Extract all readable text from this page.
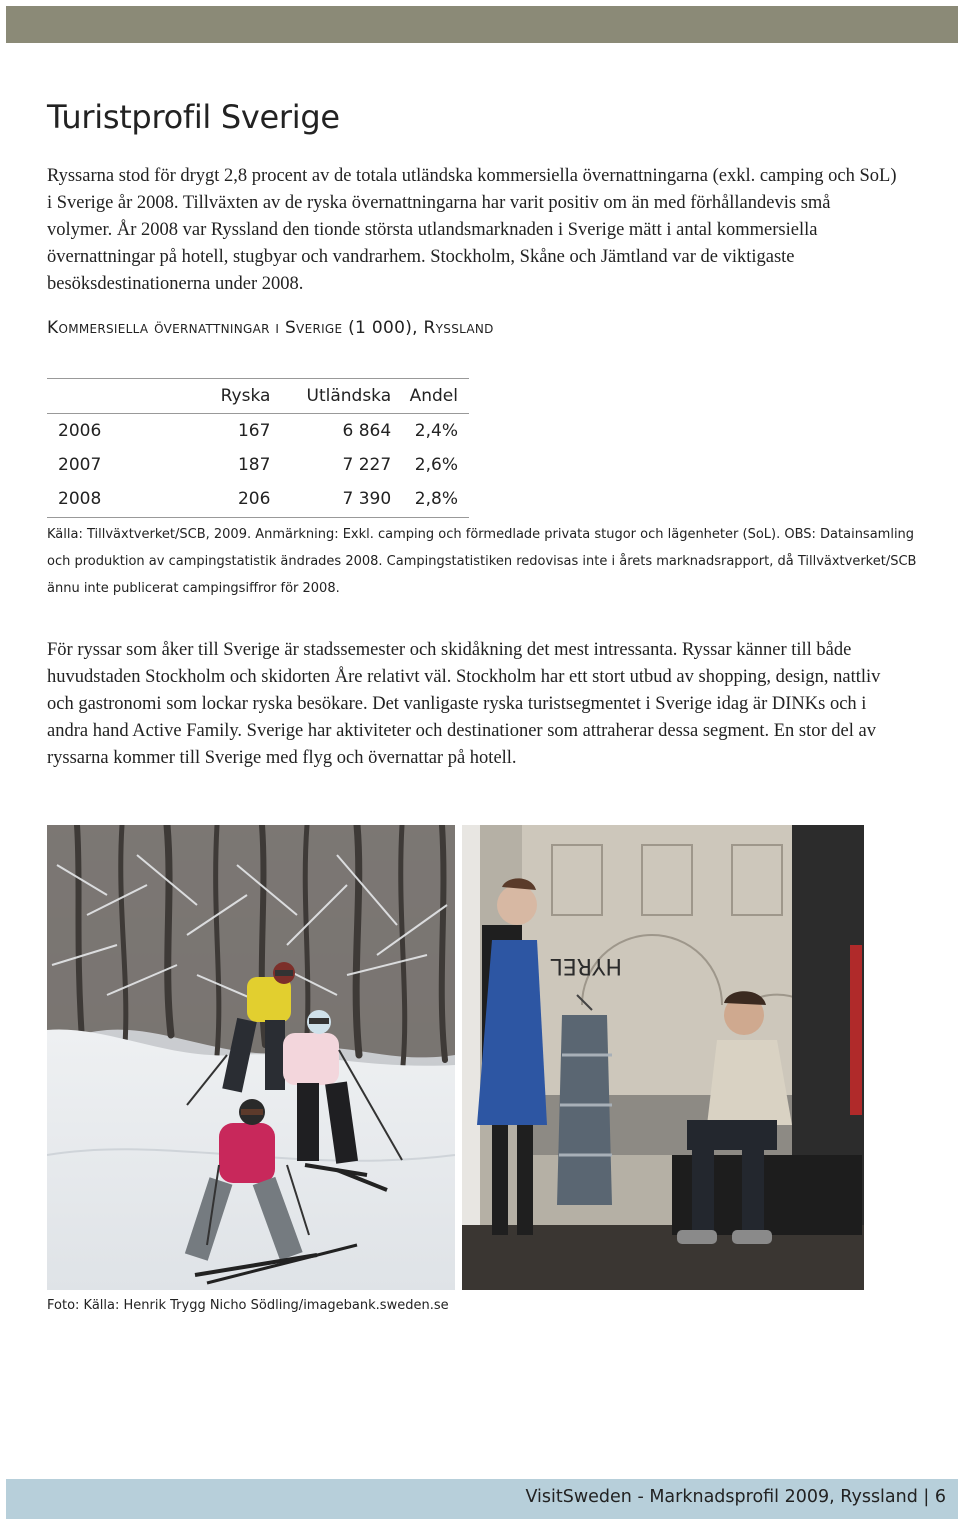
Turistprofil Sverige

Ryssarna stod för drygt 2,8 procent av de totala utländska kommersiella övernattningarna (exkl. camping och SoL) i Sverige år 2008. Tillväxten av de ryska övernattningarna har varit positiv om än med förhållandevis små volymer. År 2008 var Ryssland den tionde största utlandsmarknaden i Sverige mätt i antal kommersiella övernattningar på hotell, stugbyar och vandrarhem. Stockholm, Skåne och Jämtland var de viktigaste besöksdestinationerna under 2008.

Kommersiella övernattningar i Sverige (1 000), Ryssland
	Ryska	Utländska	Andel
2006	167	6 864	2,4%
2007	187	7 227	2,6%
2008	206	7 390	2,8%

Källa: Tillväxtverket/SCB, 2009. Anmärkning: Exkl. camping och förmedlade privata stugor och lägenheter (SoL). OBS: Datainsamling och produktion av campingstatistik ändrades 2008. Campingstatistiken redovisas inte i årets marknadsrapport, då Tillväxtverket/SCB ännu inte publicerat campingsiffror för 2008.

För ryssar som åker till Sverige är stadssemester och skidåkning det mest intressanta. Ryssar känner till både huvudstaden Stockholm och skidorten Åre relativt väl. Stockholm har ett stort utbud av shopping, design, nattliv och gastronomi som lockar ryska besökare. Det vanligaste ryska turistsegmentet i Sverige idag är DINKs och i andra hand Active Family. Sverige har aktiviteter och destinationer som attraherar dessa segment. En stor del av ryssarna kommer till Sverige med flyg och övernattar på hotell.

HYREL

Foto: Källa: Henrik Trygg Nicho Södling/imagebank.sweden.se

VisitSweden - Marknadsprofil 2009, Ryssland | 6
